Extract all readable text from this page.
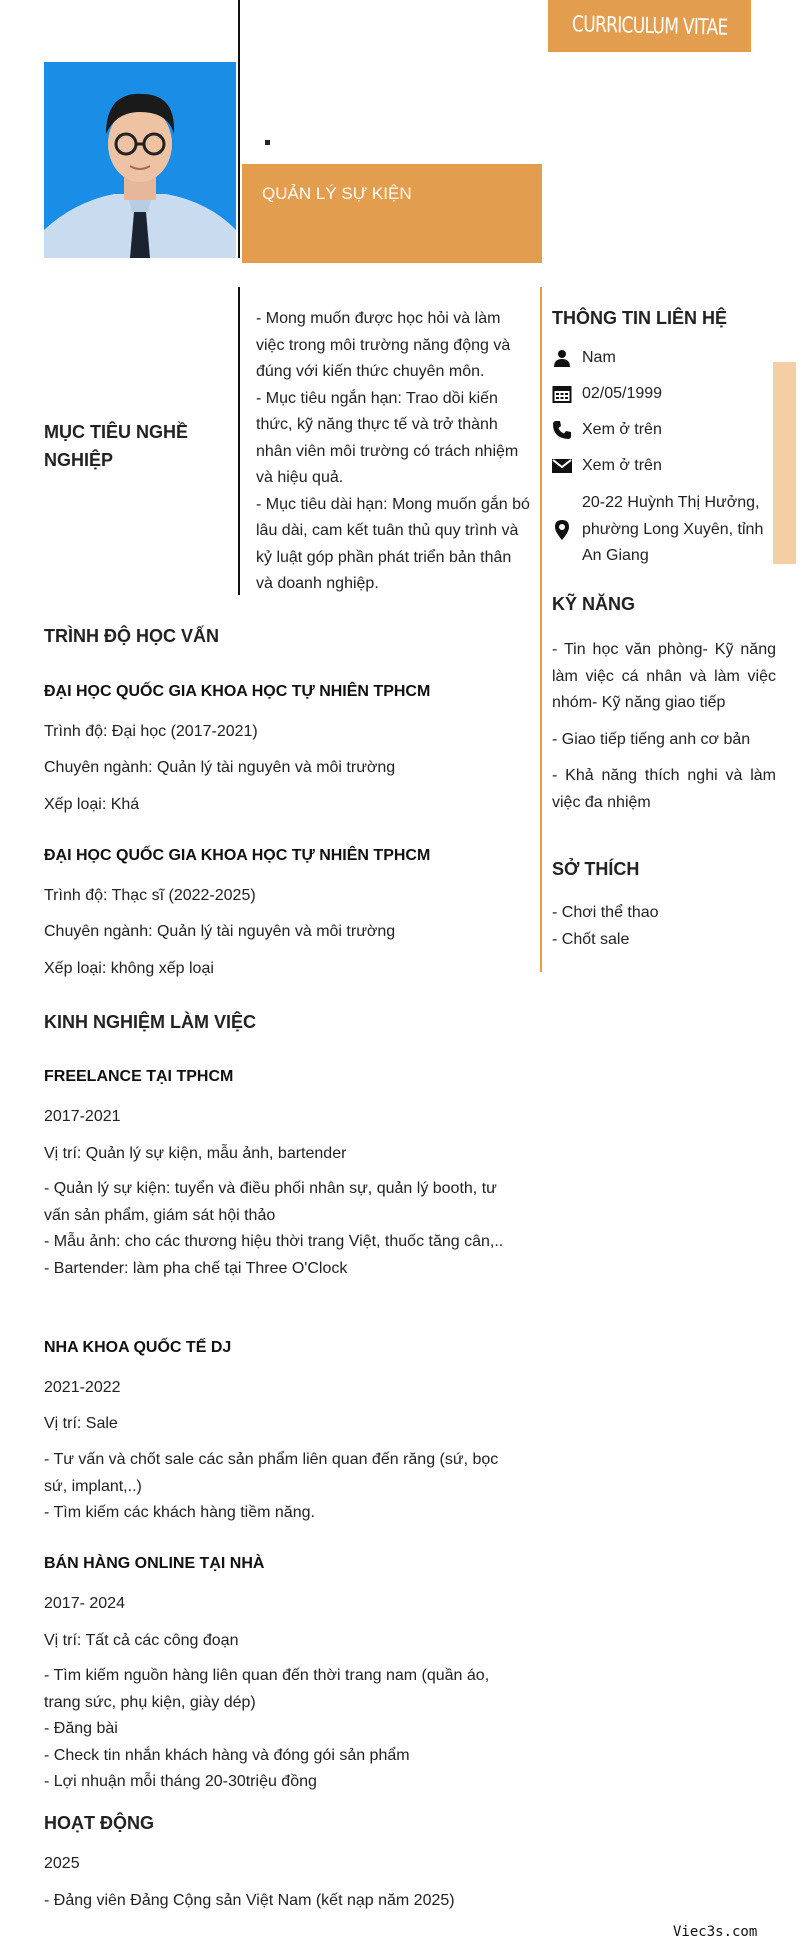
CURRICULUM VITAE
QUẢN LÝ SỰ KIỆN
MỤC TIÊU NGHỀ NGHIỆP

- Mong muốn được học hỏi và làm việc trong môi trường năng động và đúng với kiến thức chuyên môn.

- Mục tiêu ngắn hạn: Trao dồi kiến thức, kỹ năng thực tế và trở thành nhân viên môi trường có trách nhiệm và hiệu quả.

- Mục tiêu dài hạn: Mong muốn gắn bó lâu dài, cam kết tuân thủ quy trình và kỷ luật góp phần phát triển bản thân và doanh nghiệp.

THÔNG TIN LIÊN HỆ
Nam
02/05/1999
Xem ở trên
Xem ở trên
20-22 Huỳnh Thị Hưởng, phường Long Xuyên, tỉnh An Giang
KỸ NĂNG

- Tin học văn phòng- Kỹ năng làm việc cá nhân và làm việc nhóm- Kỹ năng giao tiếp

- Giao tiếp tiếng anh cơ bản

- Khả năng thích nghi và làm việc đa nhiệm

SỞ THÍCH

- Chơi thể thao

- Chốt sale

TRÌNH ĐỘ HỌC VẤN
ĐẠI HỌC QUỐC GIA KHOA HỌC TỰ NHIÊN TPHCM
Trình độ: Đại học (2017-2021)
Chuyên ngành: Quản lý tài nguyên và môi trường
Xếp loại: Khá
ĐẠI HỌC QUỐC GIA KHOA HỌC TỰ NHIÊN TPHCM
Trình độ: Thạc sĩ (2022-2025)
Chuyên ngành: Quản lý tài nguyên và môi trường
Xếp loại: không xếp loại
KINH NGHIỆM LÀM VIỆC
FREELANCE TẠI TPHCM
2017-2021
Vị trí: Quản lý sự kiện, mẫu ảnh, bartender

- Quản lý sự kiện: tuyển và điều phối nhân sự, quản lý booth, tư vấn sản phẩm, giám sát hội thảo

- Mẫu ảnh: cho các thương hiệu thời trang Việt, thuốc tăng cân,..

- Bartender: làm pha chế tại Three O'Clock

NHA KHOA QUỐC TẾ DJ
2021-2022
Vị trí: Sale

- Tư vấn và chốt sale các sản phẩm liên quan đến răng (sứ, bọc sứ, implant,..)

- Tìm kiếm các khách hàng tiềm năng.

BÁN HÀNG ONLINE TẠI NHÀ
2017- 2024
Vị trí: Tất cả các công đoạn

- Tìm kiếm nguồn hàng liên quan đến thời trang nam (quần áo, trang sức, phụ kiện, giày dép)

- Đăng bài

- Check tin nhắn khách hàng và đóng gói sản phẩm

- Lợi nhuận mỗi tháng 20-30triệu đồng

HOẠT ĐỘNG
2025
- Đảng viên Đảng Cộng sản Việt Nam (kết nạp năm 2025)
Viec3s.com
